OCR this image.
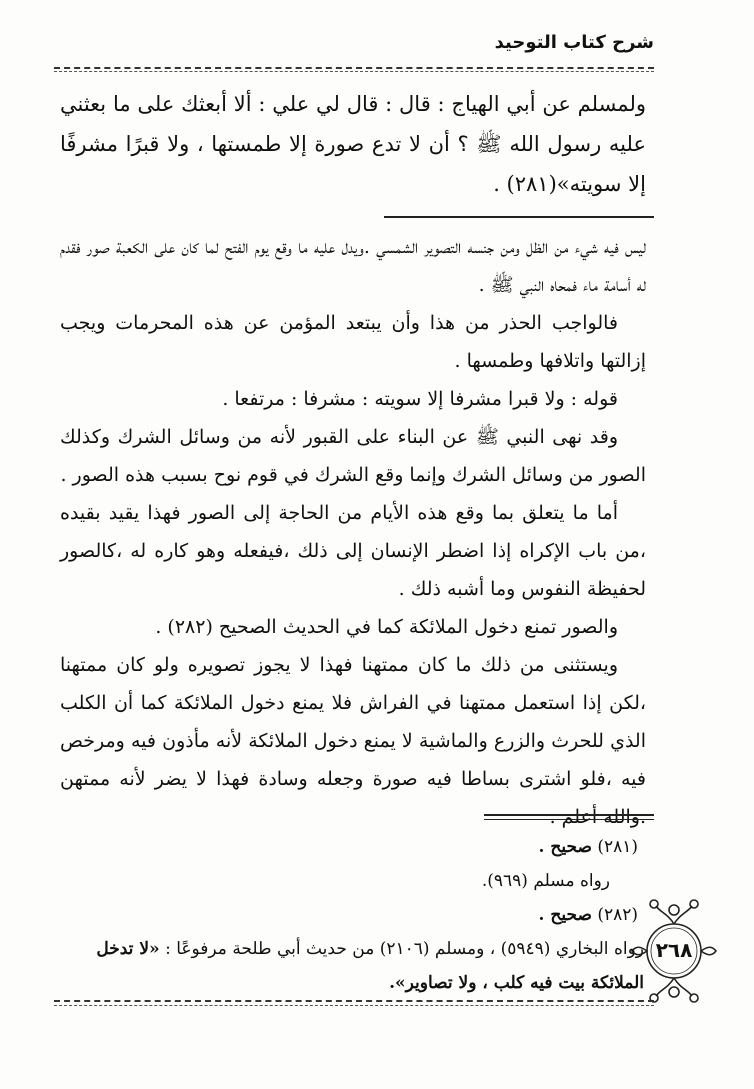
شرح كتاب التوحيد
ولمسلم عن أبي الهياج : قال : قال لي علي : ألا أبعثك على ما بعثني عليه رسول الله ﷺ ؟ أن لا تدع صورة إلا طمستها ، ولا قبرًا مشرفًا إلا سويته»(٢٨١) .

ليس فيه شيء من الظل ومن جنسه التصوير الشمسي .ويدل عليه ما وقع يوم الفتح لما كان على الكعبة صور فقدم له أسامة ماء فمحاه النبي ﷺ .

فالواجب الحذر من هذا وأن يبتعد المؤمن عن هذه المحرمات ويجب إزالتها واتلافها وطمسها .

قوله : ولا قبرا مشرفا إلا سويته : مشرفا : مرتفعا .

وقد نهى النبي ﷺ عن البناء على القبور لأنه من وسائل الشرك وكذلك الصور من وسائل الشرك وإنما وقع الشرك في قوم نوح بسبب هذه الصور .

أما ما يتعلق بما وقع هذه الأيام من الحاجة إلى الصور فهذا يقيد بقيده ،من باب الإكراه إذا اضطر الإنسان إلى ذلك ،فيفعله وهو كاره له ،كالصور لحفيظة النفوس وما أشبه ذلك .

والصور تمنع دخول الملائكة كما في الحديث الصحيح (٢٨٢) .

ويستثنى من ذلك ما كان ممتهنا فهذا لا يجوز تصويره ولو كان ممتهنا ،لكن إذا استعمل ممتهنا في الفراش فلا يمنع دخول الملائكة كما أن الكلب الذي للحرث والزرع والماشية لا يمنع دخول الملائكة لأنه مأذون فيه ومرخص فيه ،فلو اشترى بساطا فيه صورة وجعله وسادة فهذا لا يضر لأنه ممتهن .والله أعلم .

(٢٨١) صحيح .

رواه مسلم (٩٦٩).

(٢٨٢) صحيح .

رواه البخاري (٥٩٤٩) ، ومسلم (٢١٠٦) من حديث أبي طلحة مرفوعًا : «لا تدخل الملائكة بيت فيه كلب ، ولا تصاوير».

٢٦٨
